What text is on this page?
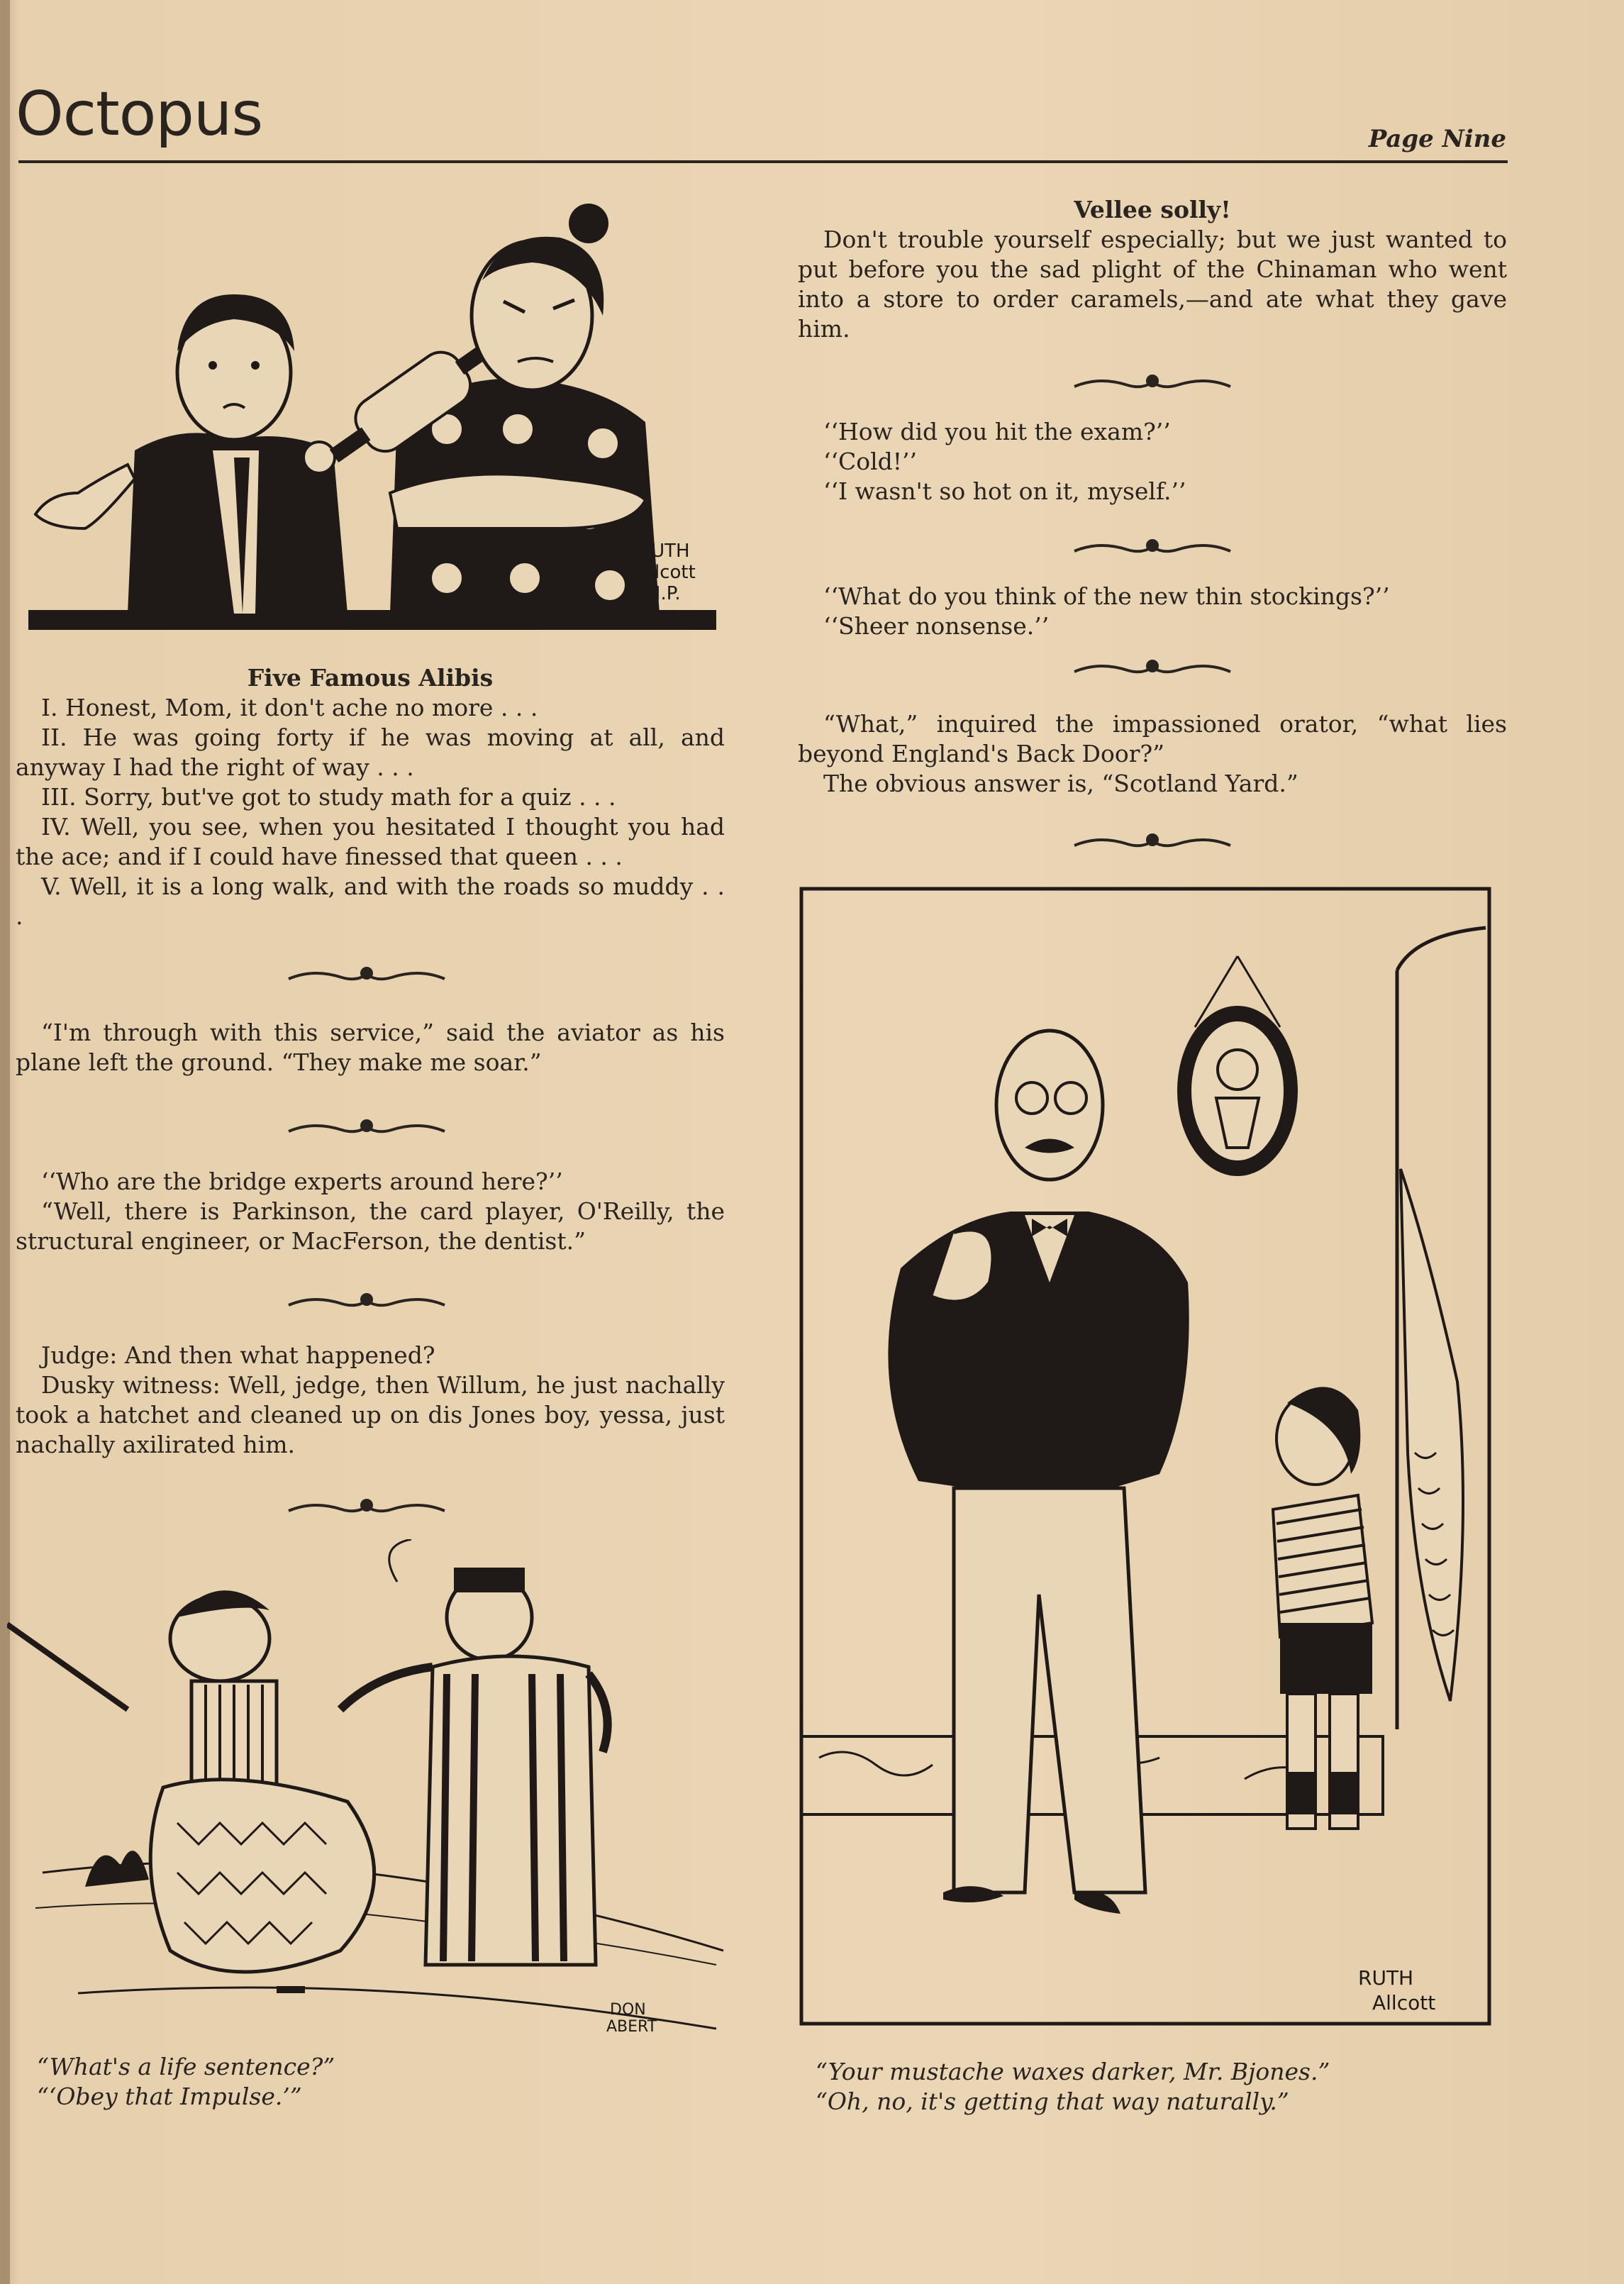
Octopus	Page Nine
RUTH
Allcott
+J.P.

Five Famous Alibis

I. Honest, Mom, it don't ache no more . . .

II. He was going forty if he was moving at all, and anyway I had the right of way . . .

III. Sorry, but've got to study math for a quiz . . .

IV. Well, you see, when you hesitated I thought you had the ace; and if I could have finessed that queen . . .

V. Well, it is a long walk, and with the roads so muddy . . .

“I'm through with this service,” said the aviator as his plane left the ground. “They make me soar.”

‘‘Who are the bridge experts around here?’’

“Well, there is Parkinson, the card player, O'Reilly, the structural engineer, or MacFerson, the dentist.”

Judge: And then what happened?

Dusky witness: Well, jedge, then Willum, he just nachally took a hatchet and cleaned up on dis Jones boy, yessa, just nachally axilirated him.

DON
ABERT
“What's a life sentence?”
“‘Obey that Impulse.’”

Vellee solly!

Don't trouble yourself especially; but we just wanted to put before you the sad plight of the Chinaman who went into a store to order caramels,—and ate what they gave him.

‘‘How did you hit the exam?’’

‘‘Cold!’’

‘‘I wasn't so hot on it, myself.’’

‘‘What do you think of the new thin stockings?’’

‘‘Sheer nonsense.’’

“What,” inquired the impassioned orator, “what lies beyond England's Back Door?”

The obvious answer is, “Scotland Yard.”

RUTH
Allcott
“Your mustache waxes darker, Mr. Bjones.”
“Oh, no, it's getting that way naturally.”
